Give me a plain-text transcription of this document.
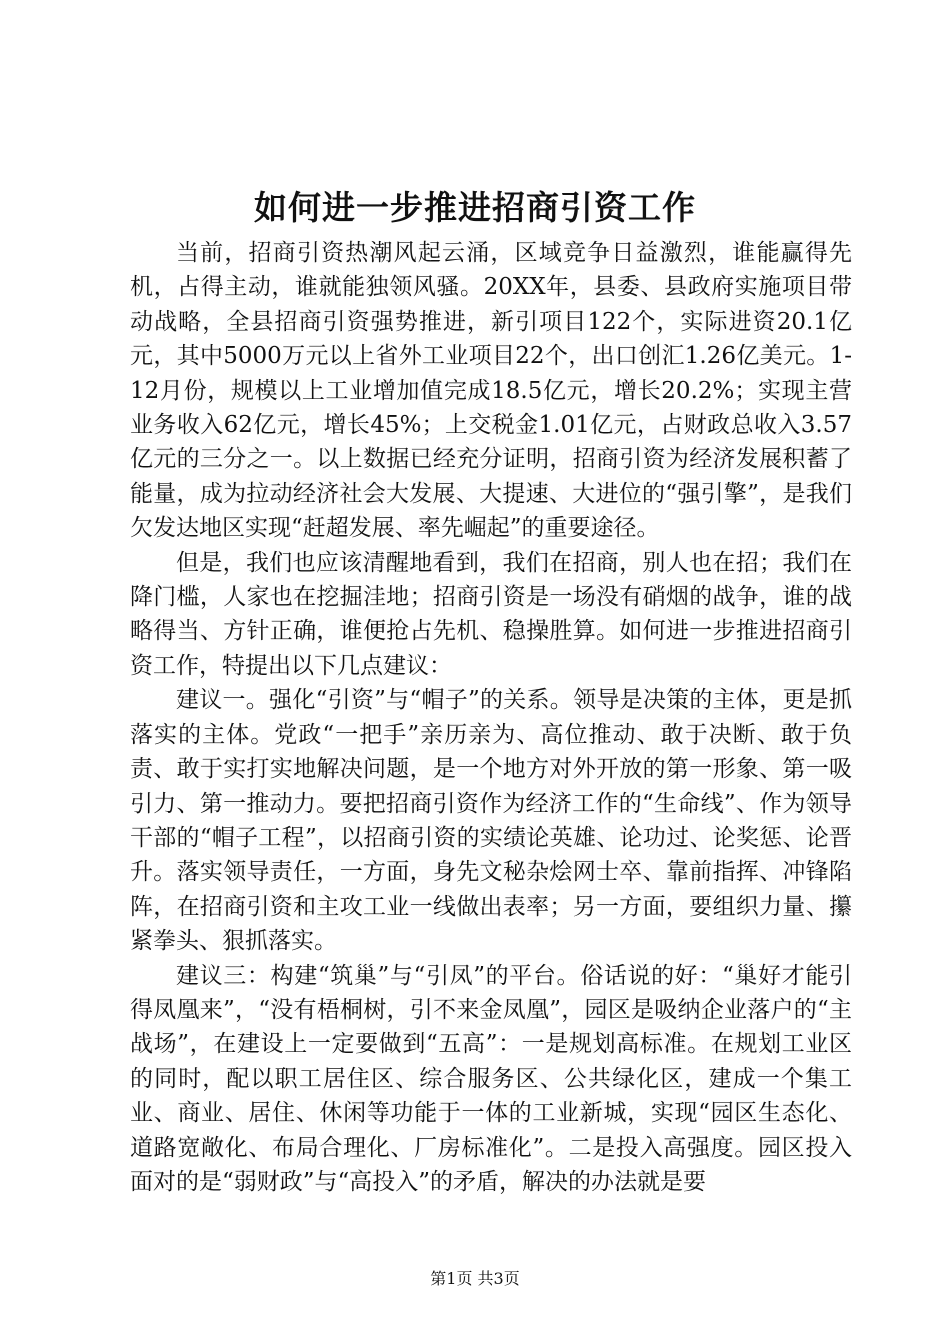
如何进一步推进招商引资工作

当前，招商引资热潮风起云涌，区域竞争日益激烈，谁能赢得先机，占得主动，谁就能独领风骚。20XX年，县委、县政府实施项目带动战略，全县招商引资强势推进，新引项目122个，实际进资20.1亿元，其中5000万元以上省外工业项目22个，出口创汇1.26亿美元。1-12月份，规模以上工业增加值完成18.5亿元，增长20.2%；实现主营业务收入62亿元，增长45%；上交税金1.01亿元，占财政总收入3.57亿元的三分之一。以上数据已经充分证明，招商引资为经济发展积蓄了能量，成为拉动经济社会大发展、大提速、大进位的“强引擎”，是我们欠发达地区实现“赶超发展、率先崛起”的重要途径。

但是，我们也应该清醒地看到，我们在招商，别人也在招；我们在降门槛，人家也在挖掘洼地；招商引资是一场没有硝烟的战争，谁的战略得当、方针正确，谁便抢占先机、稳操胜算。如何进一步推进招商引资工作，特提出以下几点建议：

建议一。强化“引资”与“帽子”的关系。领导是决策的主体，更是抓落实的主体。党政“一把手”亲历亲为、高位推动、敢于决断、敢于负责、敢于实打实地解决问题，是一个地方对外开放的第一形象、第一吸引力、第一推动力。要把招商引资作为经济工作的“生命线”、作为领导干部的“帽子工程”，以招商引资的实绩论英雄、论功过、论奖惩、论晋升。落实领导责任，一方面，身先文秘杂烩网士卒、靠前指挥、冲锋陷阵，在招商引资和主攻工业一线做出表率；另一方面，要组织力量、攥紧拳头、狠抓落实。

建议三：构建“筑巢”与“引凤”的平台。俗话说的好：“巢好才能引得凤凰来”，“没有梧桐树，引不来金凤凰”，园区是吸纳企业落户的“主战场”，在建设上一定要做到“五高”：一是规划高标准。在规划工业区的同时，配以职工居住区、综合服务区、公共绿化区，建成一个集工业、商业、居住、休闲等功能于一体的工业新城，实现“园区生态化、道路宽敞化、布局合理化、厂房标准化”。二是投入高强度。园区投入面对的是“弱财政”与“高投入”的矛盾，解决的办法就是要

第1页 共3页
